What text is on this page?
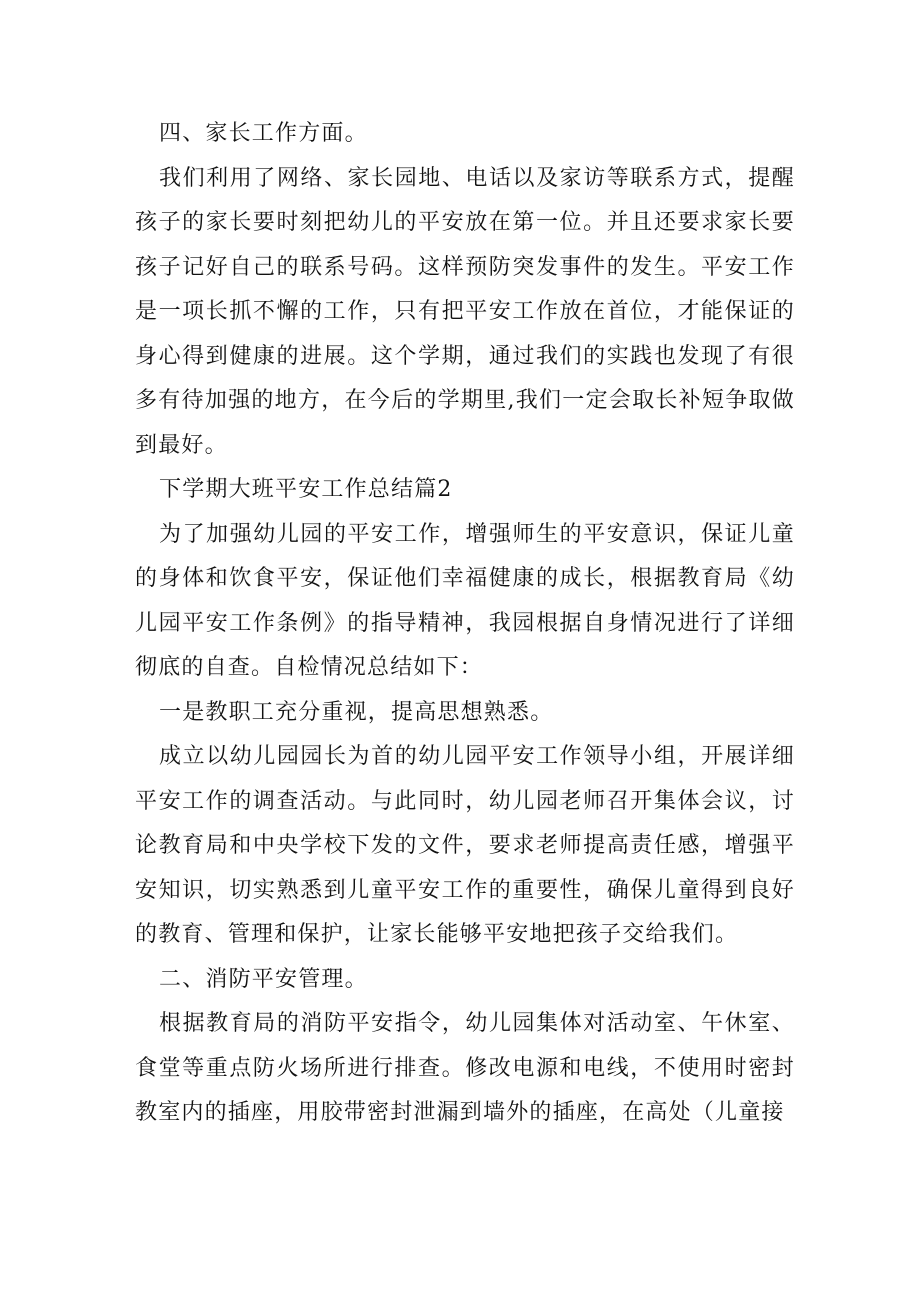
四、家长工作方面。

我们利用了网络、家长园地、电话以及家访等联系方式，提醒孩子的家长要时刻把幼儿的平安放在第一位。并且还要求家长要孩子记好自己的联系号码。这样预防突发事件的发生。平安工作是一项长抓不懈的工作，只有把平安工作放在首位，才能保证的身心得到健康的进展。这个学期，通过我们的实践也发现了有很多有待加强的地方，在今后的学期里,我们一定会取长补短争取做到最好。

下学期大班平安工作总结篇2

为了加强幼儿园的平安工作，增强师生的平安意识，保证儿童的身体和饮食平安，保证他们幸福健康的成长，根据教育局《幼儿园平安工作条例》的指导精神，我园根据自身情况进行了详细彻底的自查。自检情况总结如下：

一是教职工充分重视，提高思想熟悉。

成立以幼儿园园长为首的幼儿园平安工作领导小组，开展详细平安工作的调查活动。与此同时，幼儿园老师召开集体会议，讨论教育局和中央学校下发的文件，要求老师提高责任感，增强平安知识，切实熟悉到儿童平安工作的重要性，确保儿童得到良好的教育、管理和保护，让家长能够平安地把孩子交给我们。

二、消防平安管理。

根据教育局的消防平安指令，幼儿园集体对活动室、午休室、食堂等重点防火场所进行排查。修改电源和电线，不使用时密封教室内的插座，用胶带密封泄漏到墙外的插座，在高处（儿童接
